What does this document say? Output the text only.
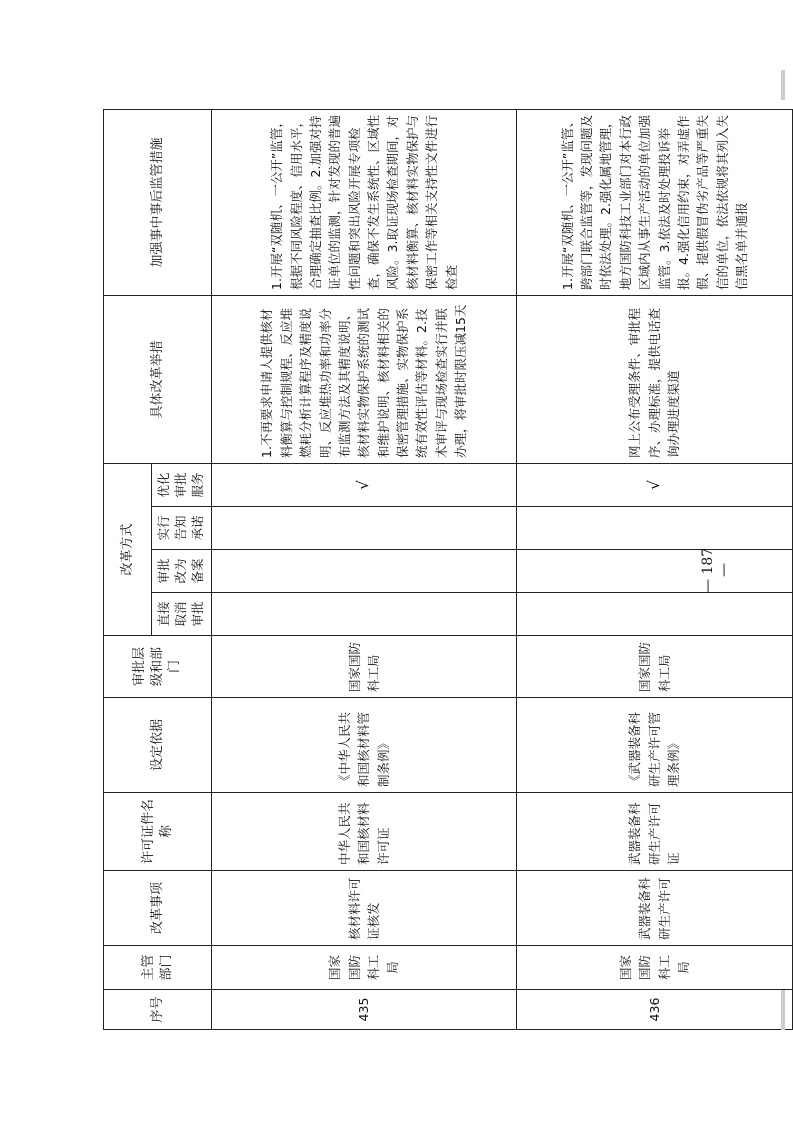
序号	主管部门	改革事项	许可证件名称	设定依据	审批层级和部门	改革方式				具体改革举措	加强事中事后监管措施
						直接取消审批	审批改为备案	实行告知承诺	优化审批服务		
435	国家国防科工局	核材料许可证核发	中华人民共和国核材料许可证	《中华人民共和国核材料管制条例》	国家国防科工局				√	1.不再要求申请人提供核材料衡算与控制规程、反应堆燃耗分析计算程序及精度说明、反应堆热功率和功率分布监测方法及其精度说明、核材料实物保护系统的测试和维护说明、核材料相关的保密管理措施、实物保护系统有效性评估等材料。2.技术审评与现场检查实行并联办理，将审批时限压减15天	1.开展“双随机、一公开”监管，根据不同风险程度、信用水平，合理确定抽查比例。2.加强对持证单位的监测，针对发现的普遍性问题和突出风险开展专项检查，确保不发生系统性、区域性风险。3.取证现场检查期间，对核材料衡算、核材料实物保护与保密工作等相关支持性文件进行检查
436	国家国防科工局	武器装备科研生产许可	武器装备科研生产许可证	《武器装备科研生产许可管理条例》	国家国防科工局				√	网上公布受理条件、审批程序、办理标准，提供电话查询办理进度渠道	1.开展“双随机、一公开”监管、跨部门联合监管等，发现问题及时依法处理。2.强化属地管理，地方国防科技工业部门对本行政区域内从事生产活动的单位加强监管。3.依法及时处理投诉举报。4.强化信用约束，对弄虚作假、提供假冒伪劣产品等严重失信的单位，依法依规将其列入失信黑名单并通报
— 187 —
